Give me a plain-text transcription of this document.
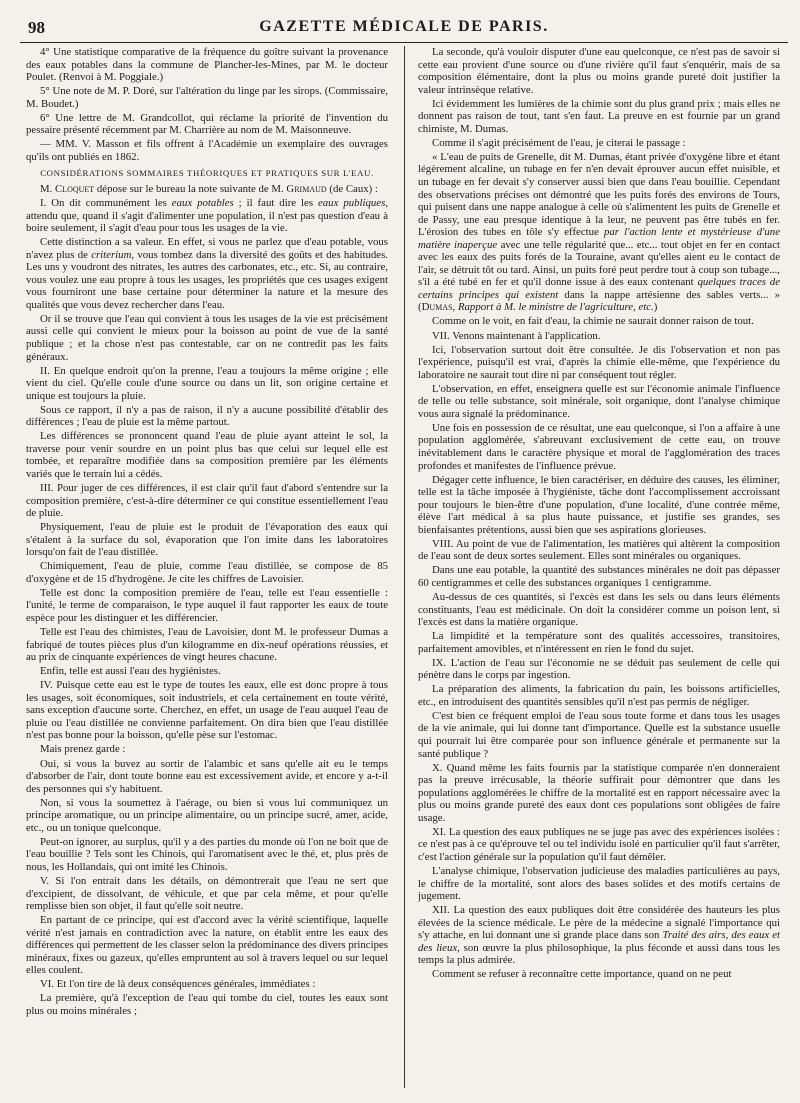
98	GAZETTE MÉDICALE DE PARIS.

4° Une statistique comparative de la fréquence du goître suivant la provenance des eaux potables dans la commune de Plancher-les-Mines, par M. le docteur Poulet. (Renvoi à M. Poggiale.)

5° Une note de M. P. Doré, sur l'altération du linge par les sirops. (Commissaire, M. Boudet.)

6° Une lettre de M. Grandcollot, qui réclame la priorité de l'invention du pessaire présenté récemment par M. Charrière au nom de M. Maisonneuve.

— MM. V. Masson et fils offrent à l'Académie un exemplaire des ouvrages qu'ils ont publiés en 1862.

CONSIDÉRATIONS SOMMAIRES THÉORIQUES ET PRATIQUES SUR L'EAU.

M. Cloquet dépose sur le bureau la note suivante de M. Grimaud (de Caux) :

I. On dit communément les eaux potables ; il faut dire les eaux publiques, attendu que, quand il s'agit d'alimenter une population, il n'est pas question d'eau à boire seulement, il s'agit d'eau pour tous les usages de la vie.

Cette distinction a sa valeur. En effet, si vous ne parlez que d'eau potable, vous n'avez plus de criterium, vous tombez dans la diversité des goûts et des habitudes. Les uns y voudront des nitrates, les autres des carbonates, etc., etc. Si, au contraire, vous voulez une eau propre à tous les usages, les propriétés que ces usages exigent vous fourniront une base certaine pour déterminer la nature et la mesure des qualités que vous devez rechercher dans l'eau.

Or il se trouve que l'eau qui convient à tous les usages de la vie est précisément aussi celle qui convient le mieux pour la boisson au point de vue de la santé publique ; et la chose n'est pas contestable, car on ne contredit pas les faits généraux.

II. En quelque endroit qu'on la prenne, l'eau a toujours la même origine ; elle vient du ciel. Qu'elle coule d'une source ou dans un lit, son origine certaine et unique est toujours la pluie.

Sous ce rapport, il n'y a pas de raison, il n'y a aucune possibilité d'établir des différences ; l'eau de pluie est la même partout.

Les différences se prononcent quand l'eau de pluie ayant atteint le sol, la traverse pour venir sourdre en un point plus bas que celui sur lequel elle est tombée, et reparaître modifiée dans sa composition première par les éléments variés que le terrain lui a cédés.

III. Pour juger de ces différences, il est clair qu'il faut d'abord s'entendre sur la composition première, c'est-à-dire déterminer ce qui constitue essentiellement l'eau de pluie.

Physiquement, l'eau de pluie est le produit de l'évaporation des eaux qui s'étalent à la surface du sol, évaporation que l'on imite dans les laboratoires lorsqu'on fait de l'eau distillée.

Chimiquement, l'eau de pluie, comme l'eau distillée, se compose de 85 d'oxygène et de 15 d'hydrogène. Je cite les chiffres de Lavoisier.

Telle est donc la composition première de l'eau, telle est l'eau essentielle : l'unité, le terme de comparaison, le type auquel il faut rapporter les eaux de toute espèce pour les distinguer et les différencier.

Telle est l'eau des chimistes, l'eau de Lavoisier, dont M. le professeur Dumas a fabriqué de toutes pièces plus d'un kilogramme en dix-neuf opérations réussies, et au prix de cinquante expériences de vingt heures chacune.

Enfin, telle est aussi l'eau des hygiénistes.

IV. Puisque cette eau est le type de toutes les eaux, elle est donc propre à tous les usages, soit économiques, soit industriels, et cela certainement en toute vérité, sans exception d'aucune sorte. Cherchez, en effet, un usage de l'eau auquel l'eau de pluie ou l'eau distillée ne convienne parfaitement. On dira bien que l'eau distillée n'est pas bonne pour la boisson, qu'elle pèse sur l'estomac.

Mais prenez garde :

Oui, si vous la buvez au sortir de l'alambic et sans qu'elle ait eu le temps d'absorber de l'air, dont toute bonne eau est excessivement avide, et encore y a-t-il des personnes qui s'y habituent.

Non, si vous la soumettez à l'aérage, ou bien si vous lui communiquez un principe aromatique, ou un principe alimentaire, ou un principe sucré, amer, acide, etc., ou un tonique quelconque.

Peut-on ignorer, au surplus, qu'il y a des parties du monde où l'on ne boit que de l'eau bouillie ? Tels sont les Chinois, qui l'aromatisent avec le thé, et, plus près de nous, les Hollandais, qui ont imité les Chinois.

V. Si l'on entrait dans les détails, on démontrerait que l'eau ne sert que d'excipient, de dissolvant, de véhicule, et que par cela même, et pour qu'elle remplisse bien son objet, il faut qu'elle soit neutre.

En partant de ce principe, qui est d'accord avec la vérité scientifique, laquelle vérité n'est jamais en contradiction avec la nature, on établit entre les eaux des différences qui permettent de les classer selon la prédominance des divers principes minéraux, fixes ou gazeux, qu'elles empruntent au sol à travers lequel ou sur lequel elles coulent.

VI. Et l'on tire de là deux conséquences générales, immédiates :

La première, qu'à l'exception de l'eau qui tombe du ciel, toutes les eaux sont plus ou moins minérales ;

La seconde, qu'à vouloir disputer d'une eau quelconque, ce n'est pas de savoir si cette eau provient d'une source ou d'une rivière qu'il faut s'enquérir, mais de sa composition élémentaire, dont la plus ou moins grande pureté doit justifier la valeur intrinsèque relative.

Ici évidemment les lumières de la chimie sont du plus grand prix ; mais elles ne donnent pas raison de tout, tant s'en faut. La preuve en est fournie par un grand chimiste, M. Dumas.

Comme il s'agit précisément de l'eau, je citerai le passage :

« L'eau de puits de Grenelle, dit M. Dumas, étant privée d'oxygène libre et étant légèrement alcaline, un tubage en fer n'en devait éprouver aucun effet nuisible, et un tubage en fer devait s'y conserver aussi bien que dans l'eau bouillie. Cependant des observations précises ont démontré que les puits forés des environs de Tours, qui puisent dans une nappe analogue à celle où s'alimentent les puits de Grenelle et de Passy, une eau presque identique à la leur, ne peuvent pas être tubés en fer. L'érosion des tubes en tôle s'y effectue par l'action lente et mystérieuse d'une matière inaperçue avec une telle régularité que... etc... tout objet en fer en contact avec les eaux des puits forés de la Touraine, avant qu'elles aient eu le contact de l'air, se détruit tôt ou tard. Ainsi, un puits foré peut perdre tout à coup son tubage..., s'il a été tubé en fer et qu'il donne issue à des eaux contenant quelques traces de certains principes qui existent dans la nappe artésienne des sables verts... » (Dumas, Rapport à M. le ministre de l'agriculture, etc.)

Comme on le voit, en fait d'eau, la chimie ne saurait donner raison de tout.

VII. Venons maintenant à l'application.

Ici, l'observation surtout doit être consultée. Je dis l'observation et non pas l'expérience, puisqu'il est vrai, d'après la chimie elle-même, que l'expérience du laboratoire ne saurait tout dire ni par conséquent tout régler.

L'observation, en effet, enseignera quelle est sur l'économie animale l'influence de telle ou telle substance, soit minérale, soit organique, dont l'analyse chimique vous aura signalé la prédominance.

Une fois en possession de ce résultat, une eau quelconque, si l'on a affaire à une population agglomérée, s'abreuvant exclusivement de cette eau, on trouve inévitablement dans le caractère physique et moral de l'agglomération des traces profondes et manifestes de l'influence prévue.

Dégager cette influence, le bien caractériser, en déduire des causes, les éliminer, telle est la tâche imposée à l'hygiéniste, tâche dont l'accomplissement accroissant pour toujours le bien-être d'une population, d'une localité, d'une contrée même, élève l'art médical à sa plus haute puissance, et justifie ses grandes, ses bienfaisantes prétentions, aussi bien que ses aspirations glorieuses.

VIII. Au point de vue de l'alimentation, les matières qui altèrent la composition de l'eau sont de deux sortes seulement. Elles sont minérales ou organiques.

Dans une eau potable, la quantité des substances minérales ne doit pas dépasser 60 centigrammes et celle des substances organiques 1 centigramme.

Au-dessus de ces quantités, si l'excès est dans les sels ou dans leurs éléments constituants, l'eau est médicinale. On doit la considérer comme un poison lent, si l'excès est dans la matière organique.

La limpidité et la température sont des qualités accessoires, transitoires, parfaitement amovibles, et n'intéressent en rien le fond du sujet.

IX. L'action de l'eau sur l'économie ne se déduit pas seulement de celle qui pénètre dans le corps par ingestion.

La préparation des aliments, la fabrication du pain, les boissons artificielles, etc., en introduisent des quantités sensibles qu'il n'est pas permis de négliger.

C'est bien ce fréquent emploi de l'eau sous toute forme et dans tous les usages de la vie animale, qui lui donne tant d'importance. Quelle est la substance usuelle qui pourrait lui être comparée pour son influence générale et permanente sur la santé publique ?

X. Quand même les faits fournis par la statistique comparée n'en donneraient pas la preuve irrécusable, la théorie suffirait pour démontrer que dans les populations agglomérées le chiffre de la mortalité est en rapport nécessaire avec la plus ou moins grande pureté des eaux dont ces populations sont obligées de faire usage.

XI. La question des eaux publiques ne se juge pas avec des expériences isolées : ce n'est pas à ce qu'éprouve tel ou tel individu isolé en particulier qu'il faut s'arrêter, c'est l'action générale sur la population qu'il faut démêler.

L'analyse chimique, l'observation judicieuse des maladies particulières au pays, le chiffre de la mortalité, sont alors des bases solides et des motifs certains de jugement.

XII. La question des eaux publiques doit être considérée des hauteurs les plus élevées de la science médicale. Le père de la médecine a signalé l'importance qui s'y attache, en lui donnant une si grande place dans son Traité des airs, des eaux et des lieux, son œuvre la plus philosophique, la plus féconde et aussi dans tous les temps la plus admirée.

Comment se refuser à reconnaître cette importance, quand on ne peut
